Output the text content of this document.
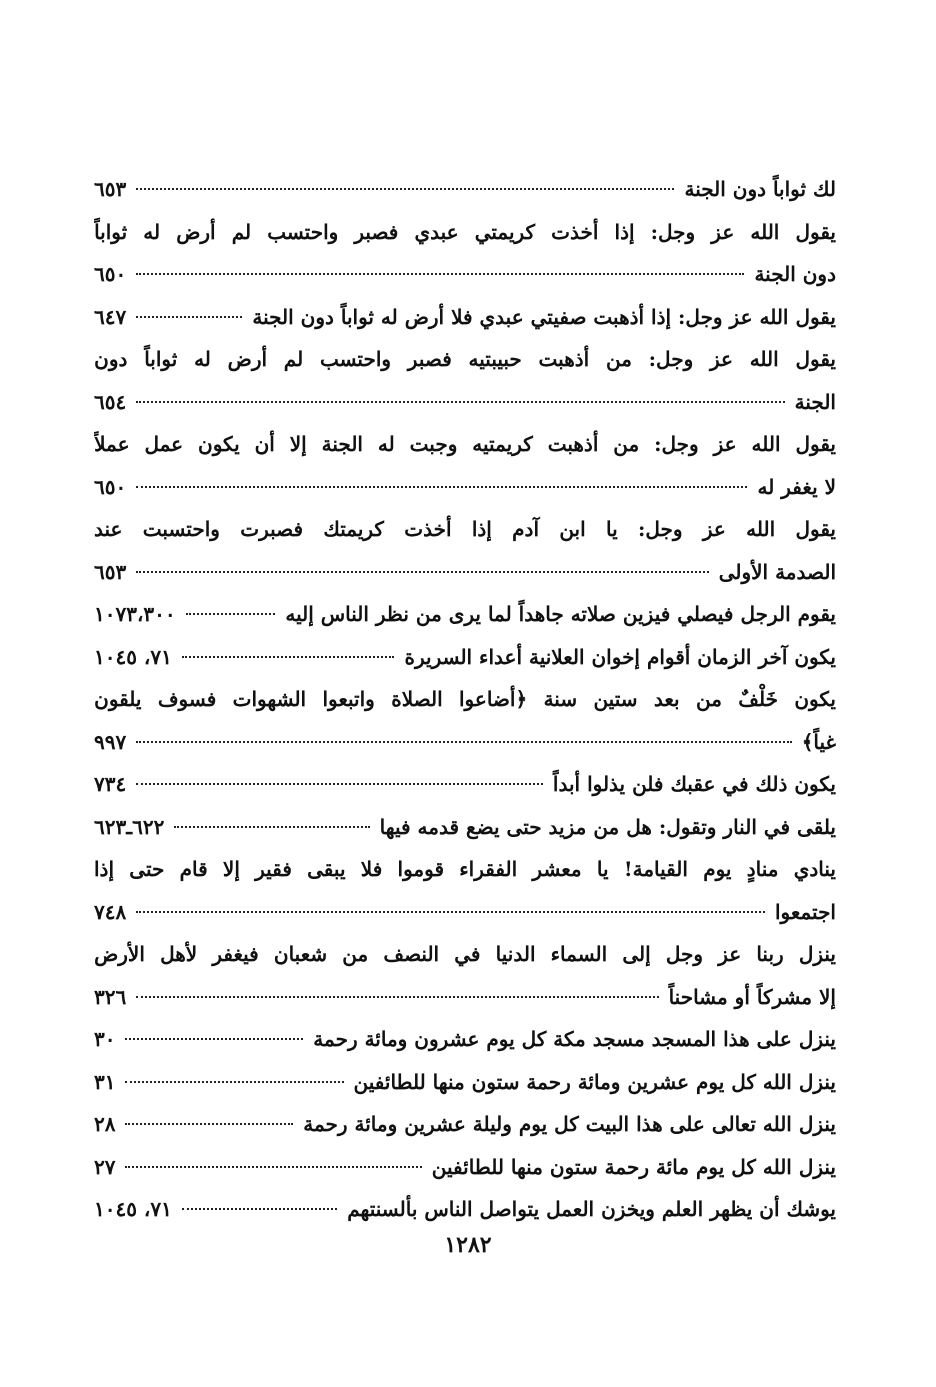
لك ثواباً دون الجنة
٦٥٣
يقول
الله
عز
وجل:
إذا
أخذت
كريمتي
عبدي
فصبر
واحتسب
لم
أرض
له
ثواباً
دون الجنة
٦٥٠
يقول الله عز وجل: إذا أذهبت صفيتي عبدي فلا أرض له ثواباً دون الجنة
٦٤٧
يقول
الله
عز
وجل:
من
أذهبت
حبيبتيه
فصبر
واحتسب
لم
أرض
له
ثواباً
دون
الجنة
٦٥٤
يقول
الله
عز
وجل:
من
أذهبت
كريمتيه
وجبت
له
الجنة
إلا
أن
يكون
عمل
عملاً
لا يغفر له
٦٥٠
يقول
الله
عز
وجل:
يا
ابن
آدم
إذا
أخذت
كريمتك
فصبرت
واحتسبت
عند
الصدمة الأولى
٦٥٣
يقوم الرجل فيصلي فيزين صلاته جاهداً لما يرى من نظر الناس إليه
١٠٧٣،٣٠٠
يكون آخر الزمان أقوام إخوان العلانية أعداء السريرة
٧١، ١٠٤٥
يكون
خَلْفٌ
من
بعد
ستين
سنة
﴿أضاعوا
الصلاة
واتبعوا
الشهوات
فسوف
يلقون
غياً﴾
٩٩٧
يكون ذلك في عقبك فلن يذلوا أبداً
٧٣٤
يلقى في النار وتقول: هل من مزيد حتى يضع قدمه فيها
٦٢٢ـ٦٢٣
ينادي
منادٍ
يوم
القيامة!
يا
معشر
الفقراء
قوموا
فلا
يبقى
فقير
إلا
قام
حتى
إذا
اجتمعوا
٧٤٨
ينزل
ربنا
عز
وجل
إلى
السماء
الدنيا
في
النصف
من
شعبان
فيغفر
لأهل
الأرض
إلا مشركاً أو مشاحناً
٣٢٦
ينزل على هذا المسجد مسجد مكة كل يوم عشرون ومائة رحمة
٣٠
ينزل الله كل يوم عشرين ومائة رحمة ستون منها للطائفين
٣١
ينزل الله تعالى على هذا البيت كل يوم وليلة عشرين ومائة رحمة
٢٨
ينزل الله كل يوم مائة رحمة ستون منها للطائفين
٢٧
يوشك أن يظهر العلم ويخزن العمل يتواصل الناس بألسنتهم
٧١، ١٠٤٥
١٢٨٢
